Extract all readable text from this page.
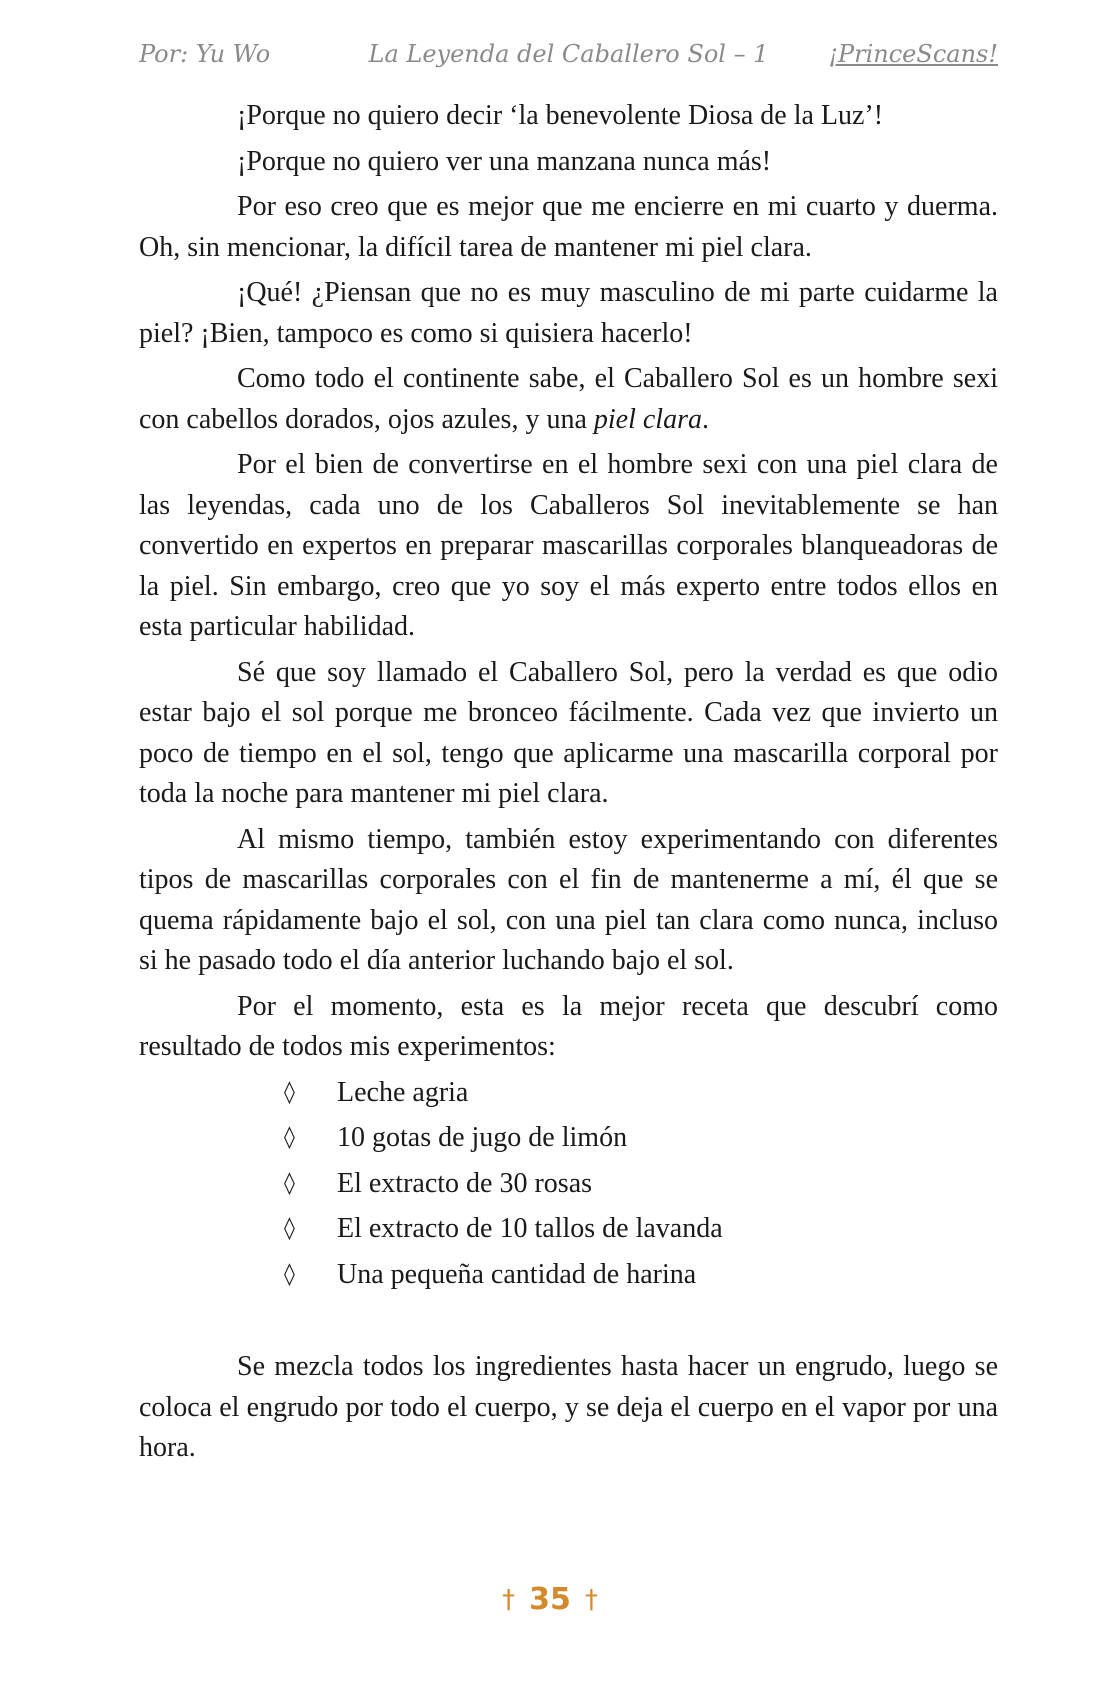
Por: Yu Wo	La Leyenda del Caballero Sol – 1	¡PrinceScans!

¡Porque no quiero decir ‘la benevolente Diosa de la Luz’!

¡Porque no quiero ver una manzana nunca más!

Por eso creo que es mejor que me encierre en mi cuarto y duerma. Oh, sin mencionar, la difícil tarea de mantener mi piel clara.

¡Qué! ¿Piensan que no es muy masculino de mi parte cuidarme la piel? ¡Bien, tampoco es como si quisiera hacerlo!

Como todo el continente sabe, el Caballero Sol es un hombre sexi con cabellos dorados, ojos azules, y una piel clara.

Por el bien de convertirse en el hombre sexi con una piel clara de las leyendas, cada uno de los Caballeros Sol inevitablemente se han convertido en expertos en preparar mascarillas corporales blanqueadoras de la piel. Sin embargo, creo que yo soy el más experto entre todos ellos en esta particular habilidad.

Sé que soy llamado el Caballero Sol, pero la verdad es que odio estar bajo el sol porque me bronceo fácilmente. Cada vez que invierto un poco de tiempo en el sol, tengo que aplicarme una mascarilla corporal por toda la noche para mantener mi piel clara.

Al mismo tiempo, también estoy experimentando con diferentes tipos de mascarillas corporales con el fin de mantenerme a mí, él que se quema rápidamente bajo el sol, con una piel tan clara como nunca, incluso si he pasado todo el día anterior luchando bajo el sol.

Por el momento, esta es la mejor receta que descubrí como resultado de todos mis experimentos:

◊ Leche agria
◊ 10 gotas de jugo de limón
◊ El extracto de 30 rosas
◊ El extracto de 10 tallos de lavanda
◊ Una pequeña cantidad de harina

Se mezcla todos los ingredientes hasta hacer un engrudo, luego se coloca el engrudo por todo el cuerpo, y se deja el cuerpo en el vapor por una hora.

† 35 †
